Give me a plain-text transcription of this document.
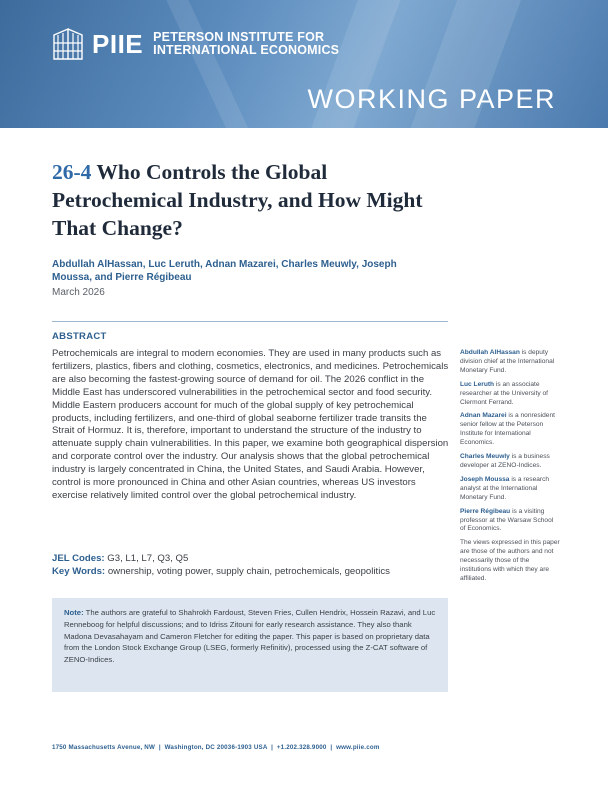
PIIE PETERSON INSTITUTE FOR
INTERNATIONAL ECONOMICS
WORKING PAPER
26-4 Who Controls the Global Petrochemical Industry, and How Might That Change?
Abdullah AlHassan, Luc Leruth, Adnan Mazarei, Charles Meuwly, Joseph Moussa, and Pierre Régibeau
March 2026
ABSTRACT

Petrochemicals are integral to modern economies. They are used in many products such as fertilizers, plastics, fibers and clothing, cosmetics, electronics, and medicines. Petrochemicals are also becoming the fastest-growing source of demand for oil. The 2026 conflict in the Middle East has underscored vulnerabilities in the petrochemical sector and food security. Middle Eastern producers account for much of the global supply of key petrochemical products, including fertilizers, and one-third of global seaborne fertilizer trade transits the Strait of Hormuz. It is, therefore, important to understand the structure of the industry to attenuate supply chain vulnerabilities. In this paper, we examine both geographical dispersion and corporate control over the industry. Our analysis shows that the global petrochemical industry is largely concentrated in China, the United States, and Saudi Arabia. However, control is more pronounced in China and other Asian countries, whereas US investors exercise relatively limited control over the global petrochemical industry.

JEL Codes: G3, L1, L7, Q3, Q5
Key Words: ownership, voting power, supply chain, petrochemicals, geopolitics
Note: The authors are grateful to Shahrokh Fardoust, Steven Fries, Cullen Hendrix, Hossein Razavi, and Luc Renneboog for helpful discussions; and to Idriss Zitouni for early research assistance. They also thank Madona Devasahayam and Cameron Fletcher for editing the paper. This paper is based on proprietary data from the London Stock Exchange Group (LSEG, formerly Refinitiv), processed using the Z-CAT software of ZENO-Indices.
Abdullah AlHassan is deputy division chief at the International Monetary Fund.
Luc Leruth is an associate researcher at the University of Clermont Ferrand.
Adnan Mazarei is a nonresident senior fellow at the Peterson Institute for International Economics.
Charles Meuwly is a business developer at ZENO-Indices.
Joseph Moussa is a research analyst at the International Monetary Fund.
Pierre Régibeau is a visiting professor at the Warsaw School of Economics.
The views expressed in this paper are those of the authors and not necessarily those of the institutions with which they are affiliated.
1750 Massachusetts Avenue, NW  |  Washington, DC 20036-1903 USA  |  +1.202.328.9000  |  www.piie.com
